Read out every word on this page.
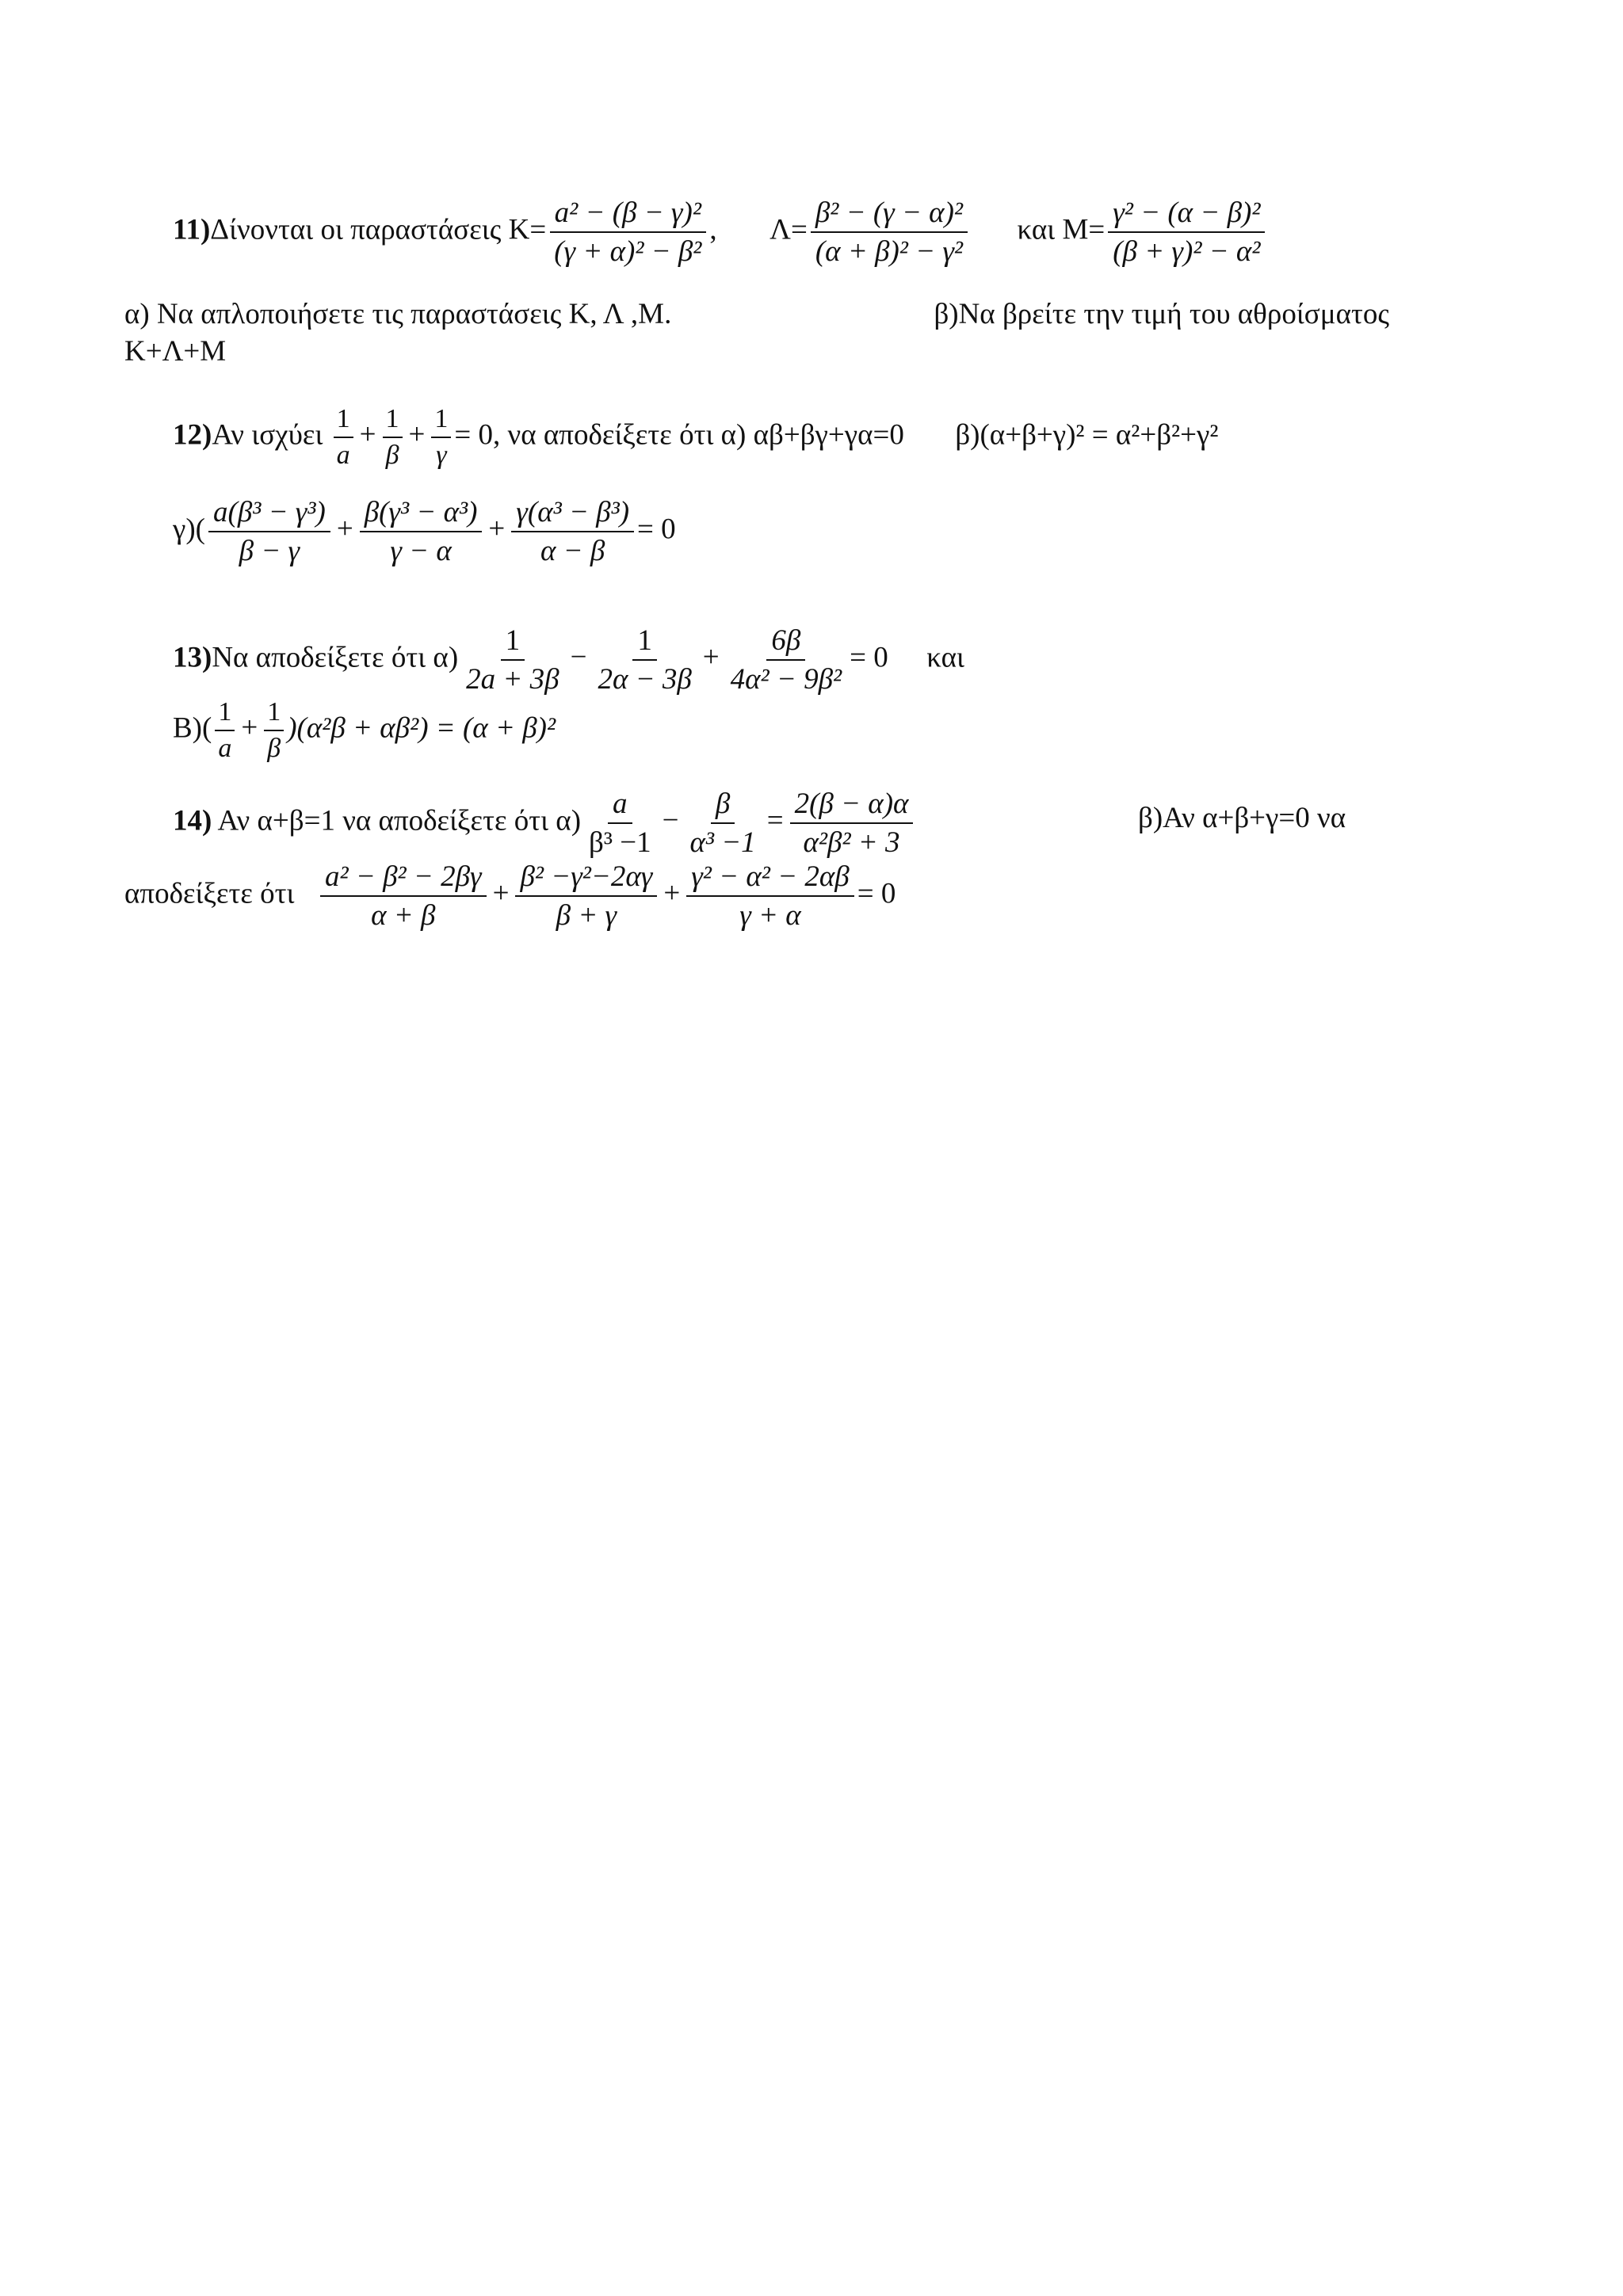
11)Δίνονται οι παραστάσεις $K= \frac{\text{a² − (β − γ)²}}{\text{(γ + α)² − β²}}$ , $\Lambda= \frac{\text{β² − (γ − α)²}}{\text{(α + β)² − γ²}}$ και $M= \frac{\text{γ² − (α − β)²}}{\text{(β + γ)² − α²}}$
α) Να απλοποιήσετε τις παραστάσεις Κ, Λ ,Μ.	β)Να βρείτε την τιμή του αθροίσματος
Κ+Λ+Μ
12)Αν ισχύει $\frac{1}{a} + \frac{1}{\beta} + \frac{1}{\gamma} = 0$, να αποδείξετε ότι α) αβ+βγ+γα=0 β)(α+β+γ)² = α²+β²+γ²
$\gamma)( \frac{\text{a(β³ − γ³)}}{\beta - \gamma} + \frac{\text{β(γ³ − α³)}}{\gamma - \alpha} + \frac{\text{γ(α³ − β³)}}{\alpha - \beta} = 0$
13)Να αποδείξετε ότι $\alpha) \frac{1}{2a + 3\beta} - \frac{1}{2\alpha - 3\beta} + \frac{6\beta}{\text{4α² − 9β²}} = 0$ και
$B)( \frac{1}{a} + \frac{1}{\beta} )(\alpha^2\beta + \alpha\beta^2) = (\alpha + \beta)^2$
14) Αν α+β=1 να αποδείξετε ότι $\alpha) \frac{a}{\text{β³ −1}} - \frac{\beta}{\text{α³ −1}} = \frac{2(\beta - \alpha)\alpha}{\text{α²β² + 3}}$	β)Αν α+β+γ=0 να
αποδείξετε ότι $\frac{\text{a² − β² − 2βγ}}{\alpha + \beta} + \frac{\text{β² −γ²−2αγ}}{\beta + \gamma} + \frac{\text{γ² − α² − 2αβ}}{\gamma + \alpha} = 0$
